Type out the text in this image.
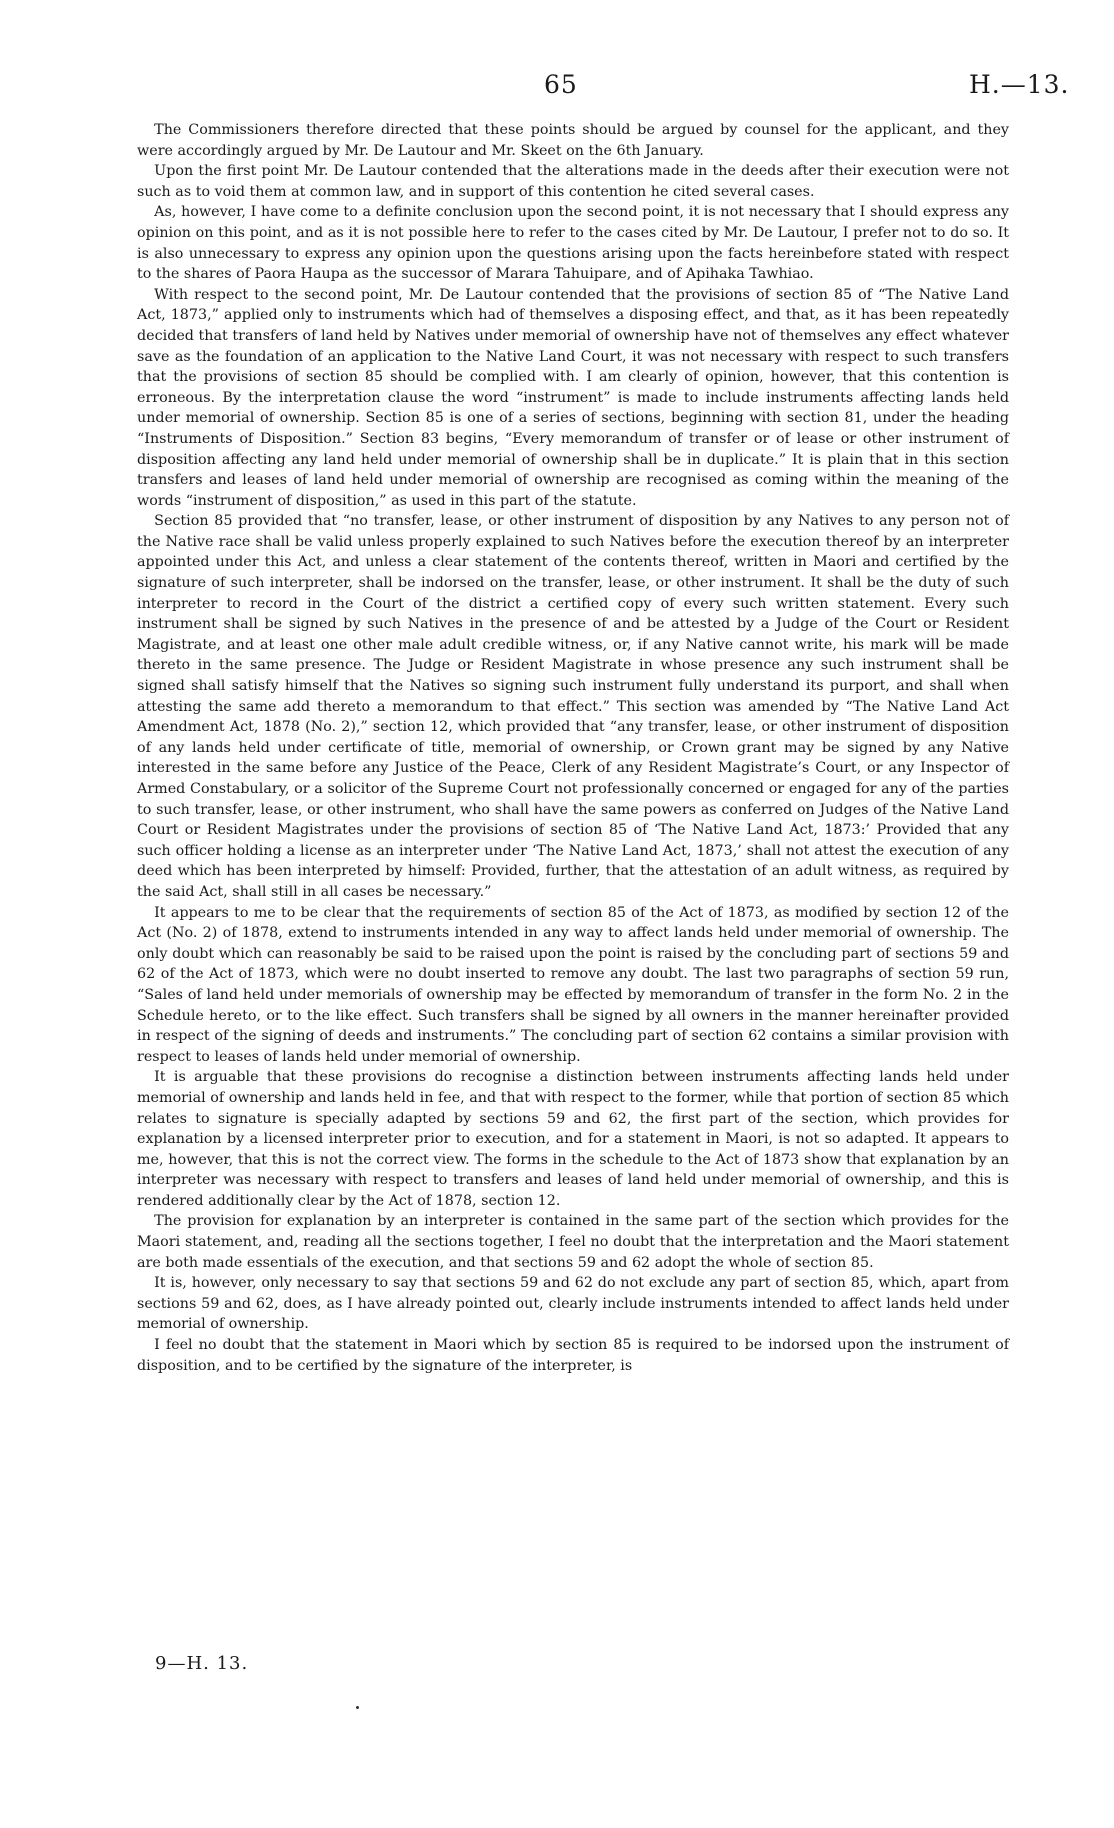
65	H.—13.

The Commissioners therefore directed that these points should be argued by counsel for the applicant, and they were accordingly argued by Mr. De Lautour and Mr. Skeet on the 6th January.

Upon the first point Mr. De Lautour contended that the alterations made in the deeds after their execution were not such as to void them at common law, and in support of this contention he cited several cases.

As, however, I have come to a definite conclusion upon the second point, it is not necessary that I should express any opinion on this point, and as it is not possible here to refer to the cases cited by Mr. De Lautour, I prefer not to do so. It is also unnecessary to express any opinion upon the questions arising upon the facts hereinbefore stated with respect to the shares of Paora Haupa as the successor of Marara Tahuipare, and of Apihaka Tawhiao.

With respect to the second point, Mr. De Lautour contended that the provisions of section 85 of “The Native Land Act, 1873,” applied only to instruments which had of themselves a disposing effect, and that, as it has been repeatedly decided that transfers of land held by Natives under memorial of ownership have not of themselves any effect whatever save as the foundation of an application to the Native Land Court, it was not necessary with respect to such transfers that the provisions of section 85 should be complied with. I am clearly of opinion, however, that this contention is erroneous. By the interpretation clause the word “instrument” is made to include instruments affecting lands held under memorial of ownership. Section 85 is one of a series of sections, beginning with section 81, under the heading “Instruments of Disposition.” Section 83 begins, “Every memorandum of transfer or of lease or other instrument of disposition affecting any land held under memorial of ownership shall be in duplicate.” It is plain that in this section transfers and leases of land held under memorial of ownership are recognised as coming within the meaning of the words “instrument of disposition,” as used in this part of the statute.

Section 85 provided that “no transfer, lease, or other instrument of disposition by any Natives to any person not of the Native race shall be valid unless properly explained to such Natives before the execution thereof by an interpreter appointed under this Act, and unless a clear statement of the contents thereof, written in Maori and certified by the signature of such interpreter, shall be indorsed on the transfer, lease, or other instrument. It shall be the duty of such interpreter to record in the Court of the district a certified copy of every such written statement. Every such instrument shall be signed by such Natives in the presence of and be attested by a Judge of the Court or Resident Magistrate, and at least one other male adult credible witness, or, if any Native cannot write, his mark will be made thereto in the same presence. The Judge or Resident Magistrate in whose presence any such instrument shall be signed shall satisfy himself that the Natives so signing such instrument fully understand its purport, and shall when attesting the same add thereto a memorandum to that effect.” This section was amended by “The Native Land Act Amendment Act, 1878 (No. 2),” section 12, which provided that “any transfer, lease, or other instrument of disposition of any lands held under certificate of title, memorial of ownership, or Crown grant may be signed by any Native interested in the same before any Justice of the Peace, Clerk of any Resident Magistrate’s Court, or any Inspector of Armed Constabulary, or a solicitor of the Supreme Court not professionally concerned or engaged for any of the parties to such transfer, lease, or other instrument, who shall have the same powers as conferred on Judges of the Native Land Court or Resident Magistrates under the provisions of section 85 of ‘The Native Land Act, 1873:’ Provided that any such officer holding a license as an interpreter under ‘The Native Land Act, 1873,’ shall not attest the execution of any deed which has been interpreted by himself: Provided, further, that the attestation of an adult witness, as required by the said Act, shall still in all cases be necessary.”

It appears to me to be clear that the requirements of section 85 of the Act of 1873, as modified by section 12 of the Act (No. 2) of 1878, extend to instruments intended in any way to affect lands held under memorial of ownership. The only doubt which can reasonably be said to be raised upon the point is raised by the concluding part of sections 59 and 62 of the Act of 1873, which were no doubt inserted to remove any doubt. The last two paragraphs of section 59 run, “Sales of land held under memorials of ownership may be effected by memorandum of transfer in the form No. 2 in the Schedule hereto, or to the like effect. Such transfers shall be signed by all owners in the manner hereinafter provided in respect of the signing of deeds and instruments.” The concluding part of section 62 contains a similar provision with respect to leases of lands held under memorial of ownership.

It is arguable that these provisions do recognise a distinction between instruments affecting lands held under memorial of ownership and lands held in fee, and that with respect to the former, while that portion of section 85 which relates to signature is specially adapted by sections 59 and 62, the first part of the section, which provides for explanation by a licensed interpreter prior to execution, and for a statement in Maori, is not so adapted. It appears to me, however, that this is not the correct view. The forms in the schedule to the Act of 1873 show that explanation by an interpreter was necessary with respect to transfers and leases of land held under memorial of ownership, and this is rendered additionally clear by the Act of 1878, section 12.

The provision for explanation by an interpreter is contained in the same part of the section which provides for the Maori statement, and, reading all the sections together, I feel no doubt that the interpretation and the Maori statement are both made essentials of the execution, and that sections 59 and 62 adopt the whole of section 85.

It is, however, only necessary to say that sections 59 and 62 do not exclude any part of section 85, which, apart from sections 59 and 62, does, as I have already pointed out, clearly include instruments intended to affect lands held under memorial of ownership.

I feel no doubt that the statement in Maori which by section 85 is required to be indorsed upon the instrument of disposition, and to be certified by the signature of the interpreter, is

9—H. 13.
